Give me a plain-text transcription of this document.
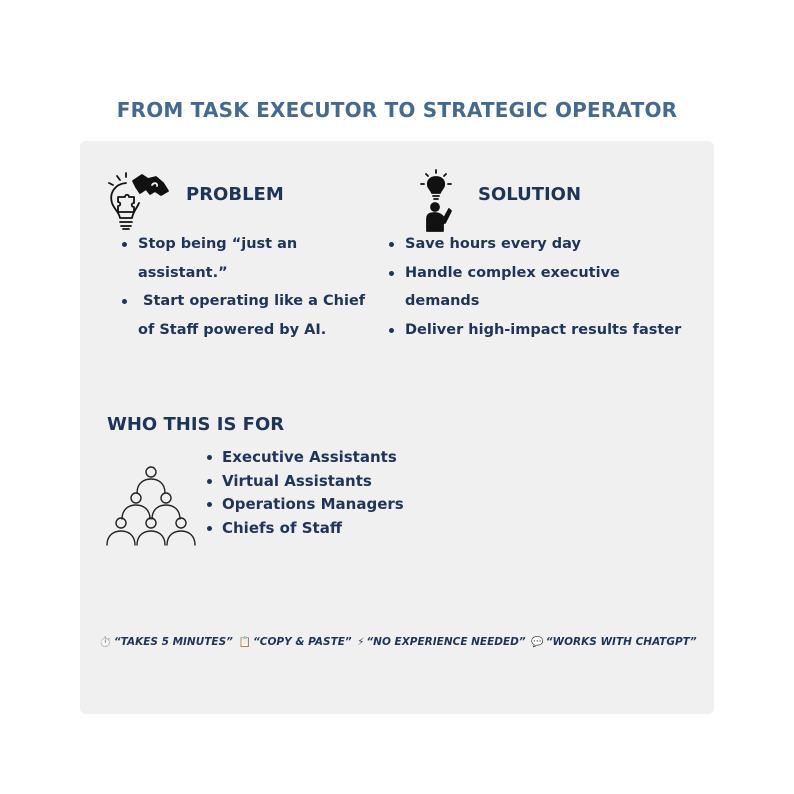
FROM TASK EXECUTOR TO STRATEGIC OPERATOR
PROBLEM
Stop being “just an assistant.”
Start operating like a Chief of Staff powered by AI.
SOLUTION
Save hours every day
Handle complex executive demands
Deliver high-impact results faster
WHO THIS IS FOR
Executive Assistants
Virtual Assistants
Operations Managers
Chiefs of Staff
⏱️ “TAKES 5 MINUTES” 📋 “COPY & PASTE” ⚡ “NO EXPERIENCE NEEDED” 💬 “WORKS WITH CHATGPT”
